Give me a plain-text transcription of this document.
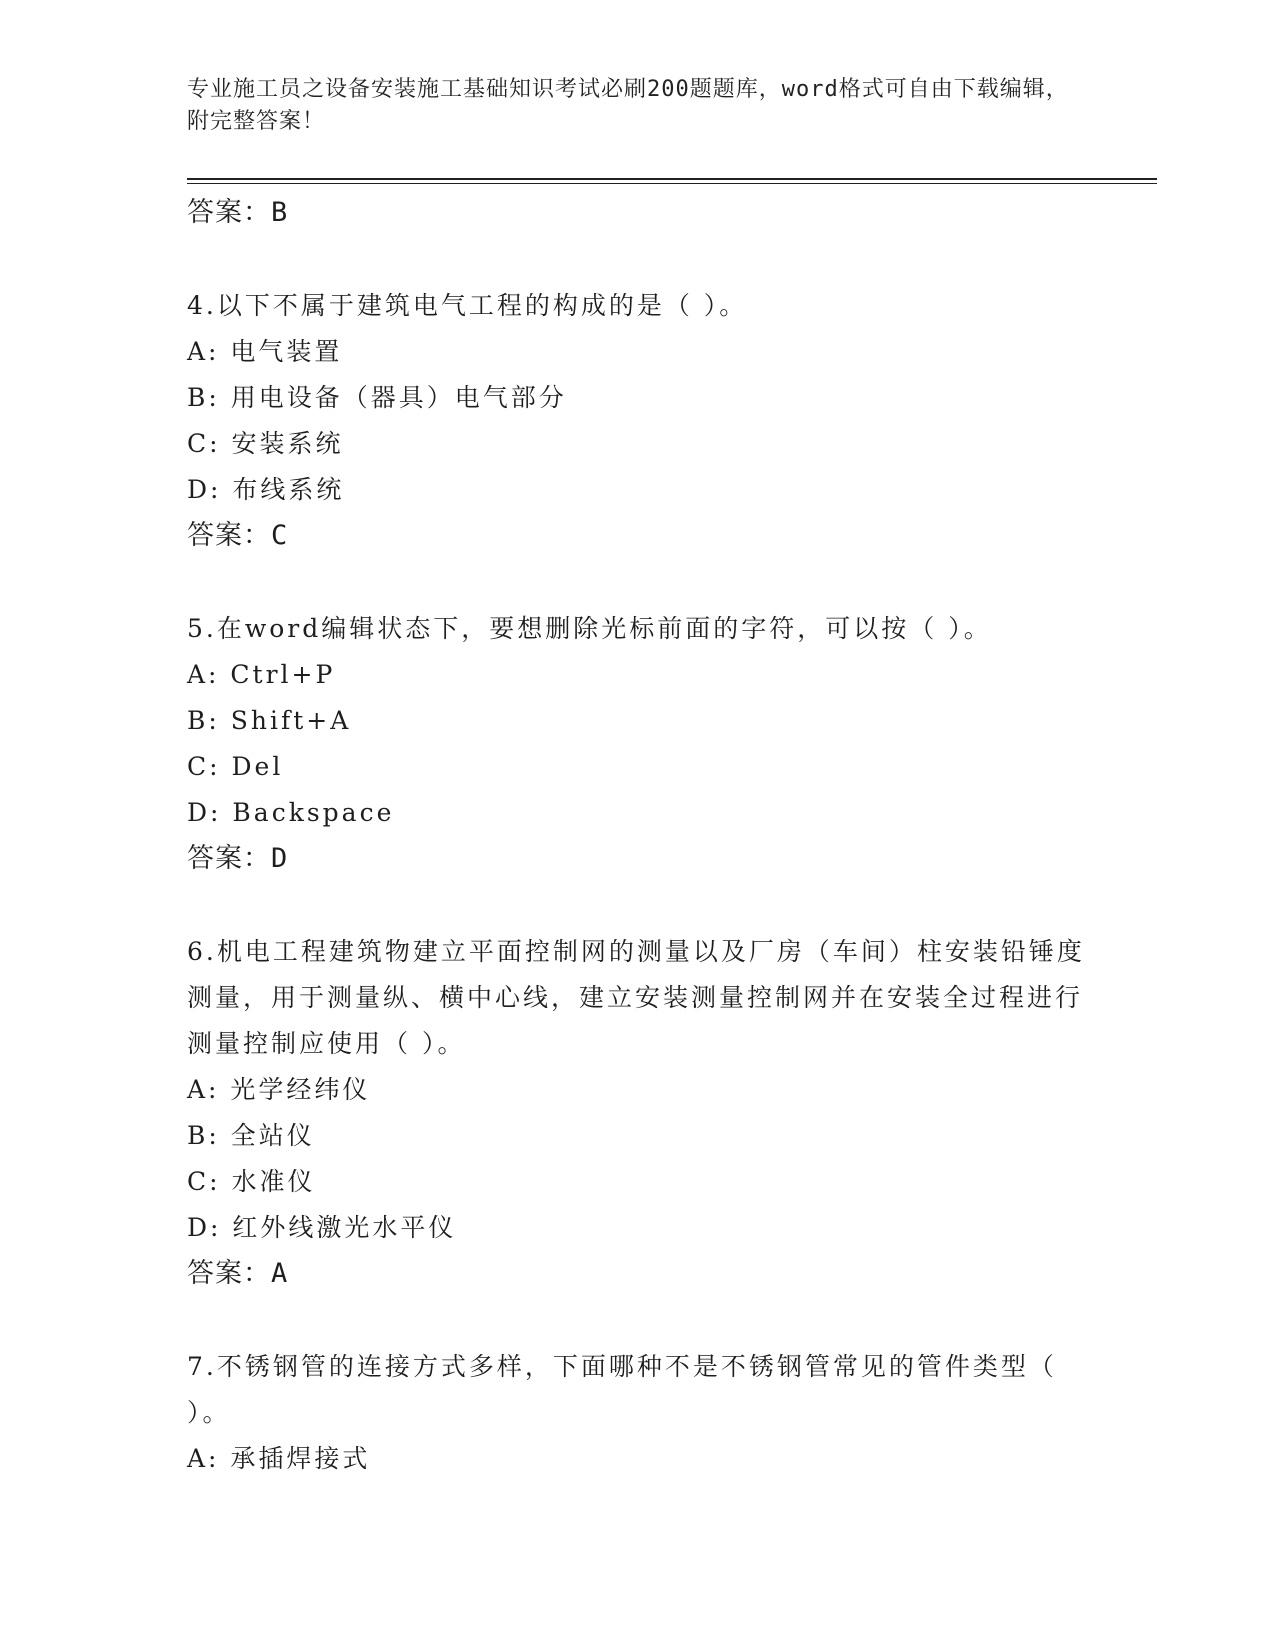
专业施工员之设备安装施工基础知识考试必刷200题题库，word格式可自由下载编辑，附完整答案！
答案：B
4.以下不属于建筑电气工程的构成的是（ ）。
A: 电气装置
B: 用电设备（器具）电气部分
C: 安装系统
D: 布线系统
答案：C
5.在word编辑状态下，要想删除光标前面的字符，可以按（ ）。
A: Ctrl+P
B: Shift+A
C: Del
D: Backspace
答案：D
6.机电工程建筑物建立平面控制网的测量以及厂房（车间）柱安装铅锤度测量，用于测量纵、横中心线，建立安装测量控制网并在安装全过程进行测量控制应使用（ ）。
A: 光学经纬仪
B: 全站仪
C: 水准仪
D: 红外线激光水平仪
答案：A
7.不锈钢管的连接方式多样，下面哪种不是不锈钢管常见的管件类型（ ）。
A: 承插焊接式
